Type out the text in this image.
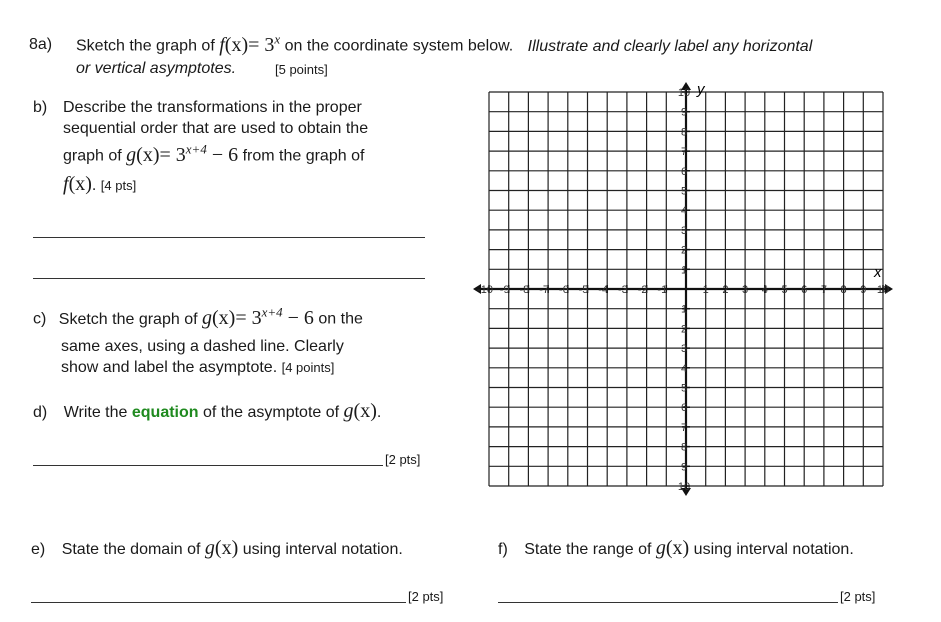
8a) Sketch the graph of $f(x)= 3^x$ on the coordinate system below. Illustrate and clearly label any horizontal
or vertical asymptotes.	[5 points]
b) Describe the transformations in the proper
sequential order that are used to obtain the
graph of $g(x)= 3^{x+4} - 6$ from the graph of
f(x). [4 pts]
c) Sketch the graph of $g(x)= 3^{x+4} - 6$ on the
same axes, using a dashed line. Clearly
show and label the asymptote. [4 points]
d) Write the equation of the asymptote of g(x).
[2 pts]
e) State the domain of g(x) using interval notation.
[2 pts]
f) State the range of g(x) using interval notation.
[2 pts]
-10
10
-9
9
-8
8
-7
7
-6
6
-5
5
-4
4
-3
3
-2
2
-1
1
1
1
2
2
3
3
4
4
5
5
6
6
7
7
8
8
9
9
10
10
x
y
